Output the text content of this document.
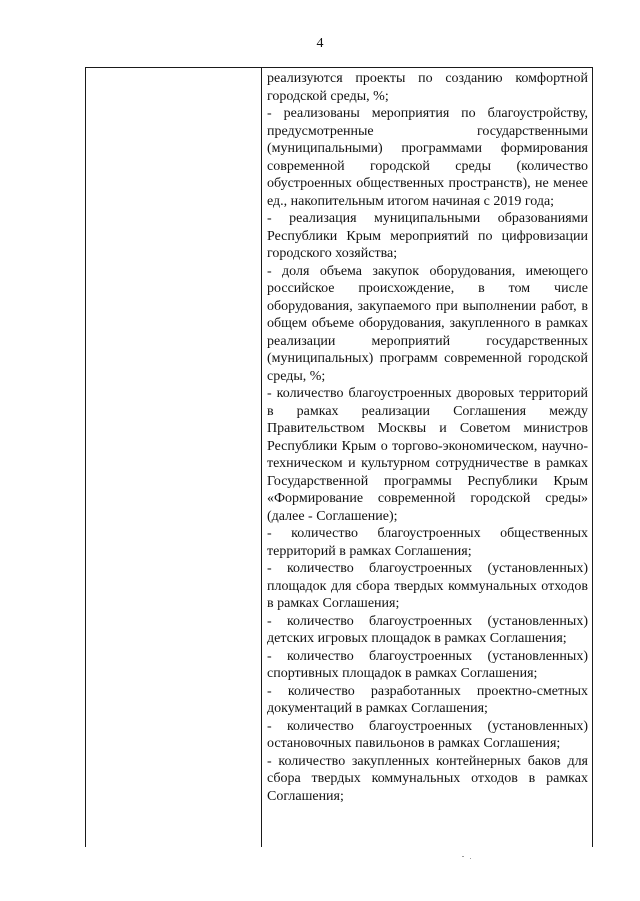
4

реализуются проекты по созданию комфортной городской среды, %;

- реализованы мероприятия по благоустройству, предусмотренные государственными (муниципальными) программами формирования современной городской среды (количество обустроенных общественных пространств), не менее ед., накопительным итогом начиная с 2019 года;

- реализация муниципальными образованиями Республики Крым мероприятий по цифровизации городского хозяйства;

- доля объема закупок оборудования, имеющего российское происхождение, в том числе оборудования, закупаемого при выполнении работ, в общем объеме оборудования, закупленного в рамках реализации мероприятий государственных (муниципальных) программ современной городской среды, %;

- количество благоустроенных дворовых территорий в рамках реализации Соглашения между Правительством Москвы и Советом министров Республики Крым о торгово-экономическом, научно-техническом и культурном сотрудничестве в рамках Государственной программы Республики Крым «Формирование современной городской среды» (далее - Соглашение);

- количество благоустроенных общественных территорий в рамках Соглашения;

- количество благоустроенных (установленных) площадок для сбора твердых коммунальных отходов в рамках Соглашения;

- количество благоустроенных (установленных) детских игровых площадок в рамках Соглашения;

- количество благоустроенных (установленных) спортивных площадок в рамках Соглашения;

- количество разработанных проектно-сметных документаций в рамках Соглашения;

- количество благоустроенных (установленных) остановочных павильонов в рамках Соглашения;

- количество закупленных контейнерных баков для сбора твердых коммунальных отходов в рамках Соглашения;
